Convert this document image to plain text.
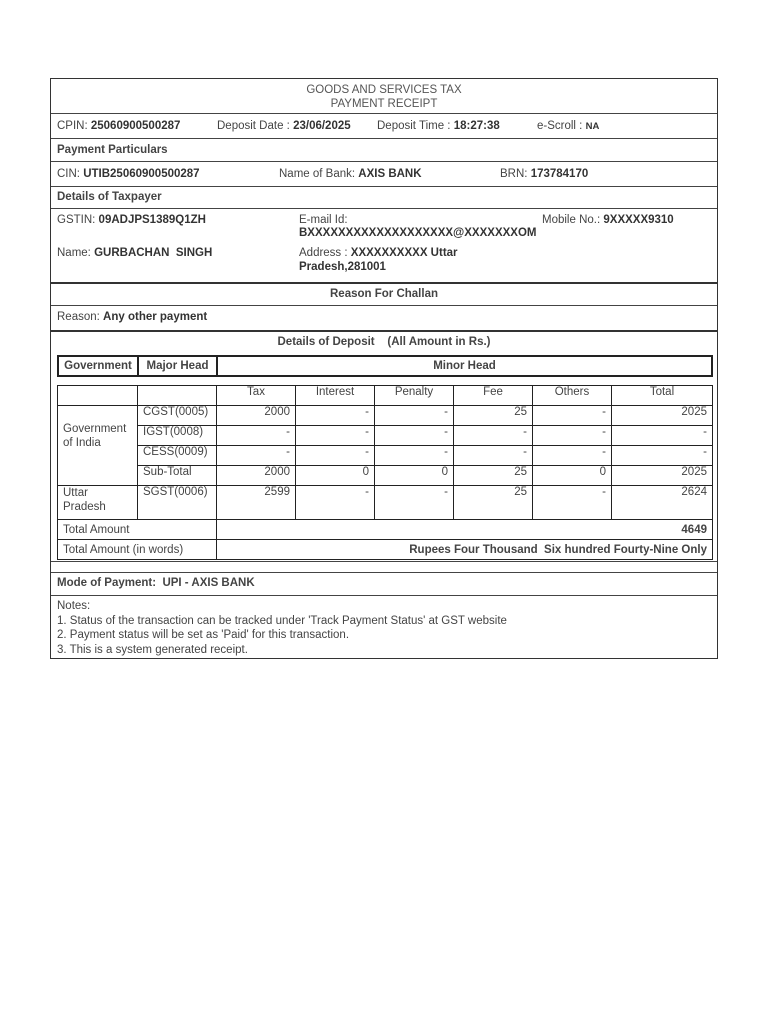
GOODS AND SERVICES TAX
PAYMENT RECEIPT
CPIN: 25060900500287	Deposit Date : 23/06/2025 Deposit Time : 18:27:38	e-Scroll : NA
Payment Particulars
CIN: UTIB25060900500287	Name of Bank: AXIS BANK	BRN: 173784170
Details of Taxpayer
GSTIN: 09ADJPS1389Q1ZH	E-mail Id:
BXXXXXXXXXXXXXXXXXXX@XXXXXXXOM
Mobile No.: 9XXXXX9310
Name: GURBACHAN  SINGH	Address : XXXXXXXXXX Uttar
Pradesh,281001
Reason For Challan
Reason: Any other payment
Details of Deposit (All Amount in Rs.)
Government	Major Head	Minor Head
		Tax	Interest	Penalty	Fee	Others	Total
Government of India	CGST(0005)	2000	-	-	25	-	2025
	IGST(0008)	-	-	-	-	-	-
	CESS(0009)	-	-	-	-	-	-
	Sub-Total	2000	0	0	25	0	2025
Uttar Pradesh	SGST(0006)	2599	-	-	25	-	2624
Total Amount		4649					
Total Amount (in words)		Rupees Four Thousand  Six hundred Fourty-Nine Only					
Mode of Payment: UPI - AXIS BANK
Notes:
1. Status of the transaction can be tracked under 'Track Payment Status' at GST website
2. Payment status will be set as 'Paid' for this transaction.
3. This is a system generated receipt.
